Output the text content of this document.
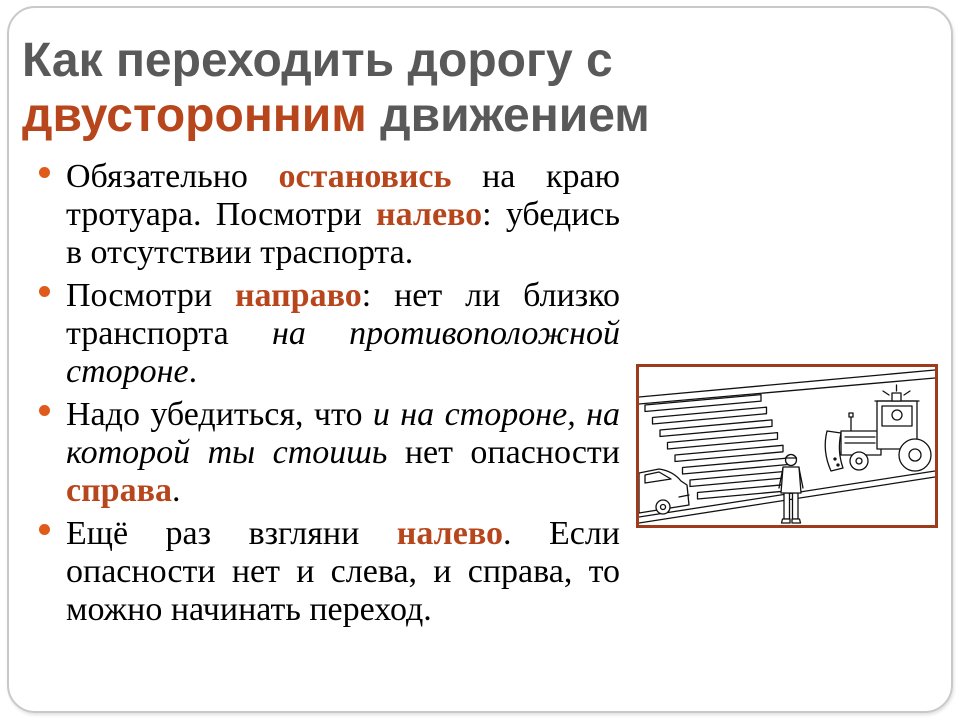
Как переходить дорогу с
двусторонним движением
Обязательно остановись на краю тротуара. Посмотри налево: убедись в отсутствии траспорта.
Посмотри направо: нет ли близко транспорта на противоположной стороне.
Надо убедиться, что и на стороне, на которой ты стоишь нет опасности справа.
Ещё раз взгляни налево. Если опасности нет и слева, и справа, то можно начинать переход.
